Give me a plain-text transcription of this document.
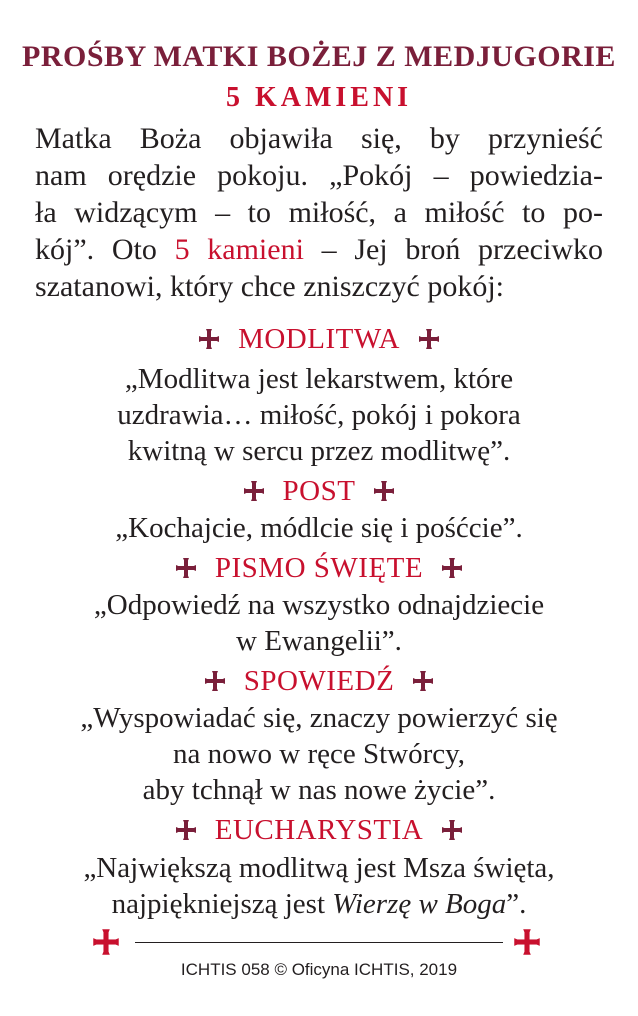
PROŚBY MATKI BOŻEJ Z MEDJUGORIE
5 KAMIENI
Matka Boża objawiła się, by przynieść
nam orędzie pokoju. „Pokój – powiedzia-
ła widzącym – to miłość, a miłość to po-
kój”. Oto 5 kamieni – Jej broń przeciwko
szatanowi, który chce zniszczyć pokój:
MODLITWA
„Modlitwa jest lekarstwem, które
uzdrawia… miłość, pokój i pokora
kwitną w sercu przez modlitwę”.
POST
„Kochajcie, módlcie się i pośćcie”.
PISMO ŚWIĘTE
„Odpowiedź na wszystko odnajdziecie
w Ewangelii”.
SPOWIEDŹ
„Wyspowiadać się, znaczy powierzyć się
na nowo w ręce Stwórcy,
aby tchnął w nas nowe życie”.
EUCHARYSTIA
„Największą modlitwą jest Msza święta,
najpiękniejszą jest Wierzę w Boga”.
ICHTIS 058 © Oficyna ICHTIS, 2019
